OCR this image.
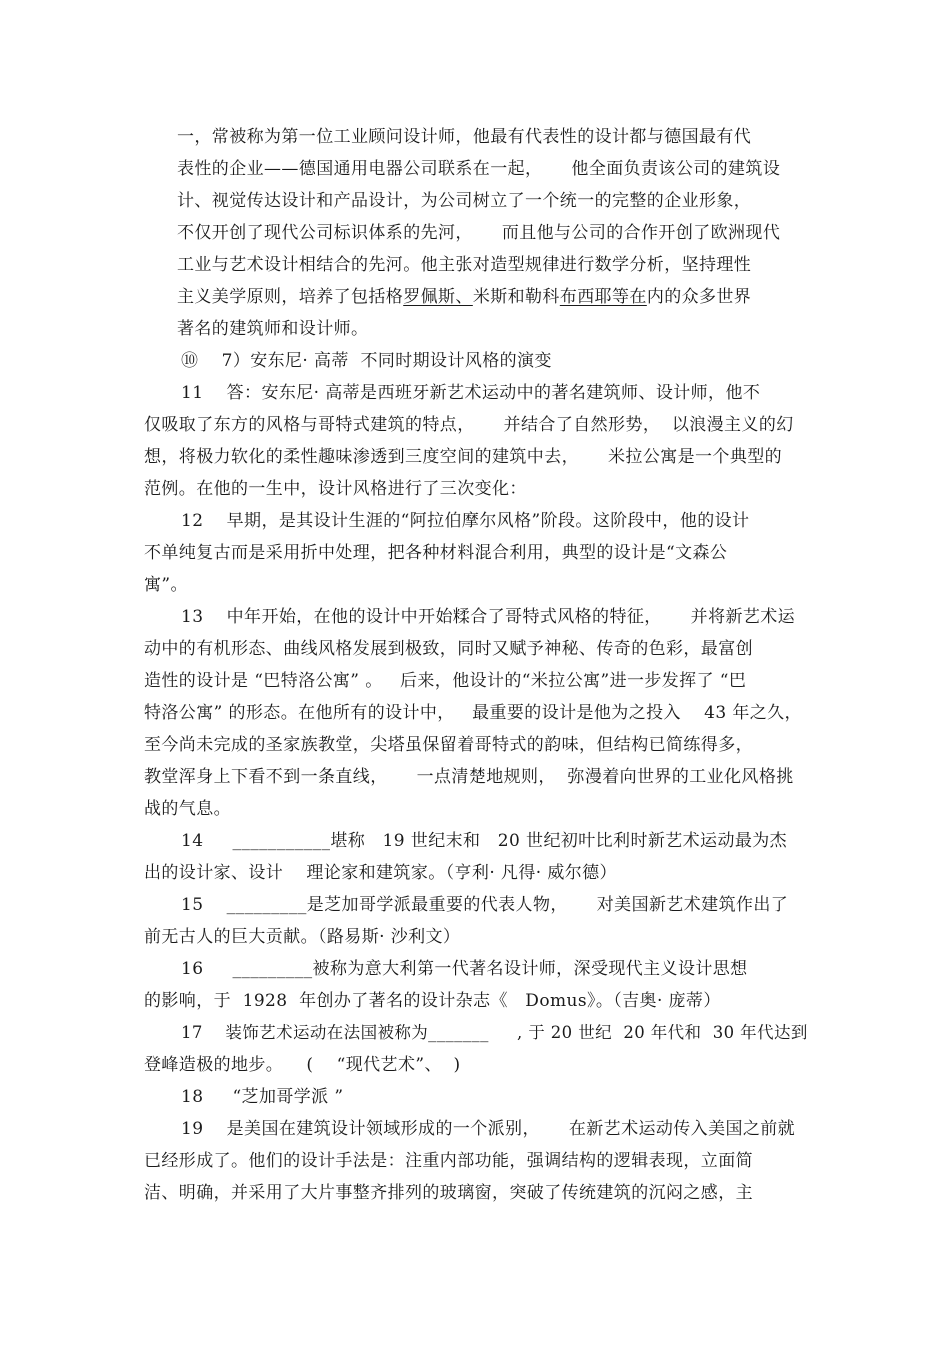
一，常被称为第一位工业顾问设计师，他最有代表性的设计都与德国最有代
表性的企业——德国通用电器公司联系在一起，     他全面负责该公司的建筑设
计、视觉传达设计和产品设计，为公司树立了一个统一的完整的企业形象，
不仅开创了现代公司标识体系的先河，     而且他与公司的合作开创了欧洲现代
工业与艺术设计相结合的先河。他主张对造型规律进行数学分析，坚持理性
主义美学原则，培养了包括格罗佩斯、米斯和勒科布西耶等在内的众多世界
著名的建筑师和设计师。
⑩    7）安东尼· 高蒂  不同时期设计风格的演变
11    答：安东尼· 高蒂是西班牙新艺术运动中的著名建筑师、设计师，他不
仅吸取了东方的风格与哥特式建筑的特点，     并结合了自然形势，  以浪漫主义的幻
想，将极力软化的柔性趣味渗透到三度空间的建筑中去，     米拉公寓是一个典型的
范例。在他的一生中，设计风格进行了三次变化：
12    早期，是其设计生涯的“阿拉伯摩尔风格”阶段。这阶段中，他的设计
不单纯复古而是采用折中处理，把各种材料混合利用，典型的设计是“文森公
寓”。
13    中年开始，在他的设计中开始糅合了哥特式风格的特征，     并将新艺术运
动中的有机形态、曲线风格发展到极致，同时又赋予神秘、传奇的色彩，最富创
造性的设计是 “巴特洛公寓” 。   后来，他设计的“米拉公寓”进一步发挥了 “巴
特洛公寓” 的形态。在他所有的设计中，   最重要的设计是他为之投入    43 年之久，
至今尚未完成的圣家族教堂，尖塔虽保留着哥特式的韵味，但结构已简练得多，
教堂浑身上下看不到一条直线，     一点清楚地规则，  弥漫着向世界的工业化风格挑
战的气息。
14     ___________堪称   19 世纪末和   20 世纪初叶比利时新艺术运动最为杰
出的设计家、设计    理论家和建筑家。（亨利· 凡得· 威尔德）
15    _________是芝加哥学派最重要的代表人物，     对美国新艺术建筑作出了
前无古人的巨大贡献。（路易斯· 沙利文）
16     _________被称为意大利第一代著名设计师，深受现代主义设计思想
的影响，于  1928  年创办了著名的设计杂志《   Domus》。（吉奥· 庞蒂）
17    装饰艺术运动在法国被称为_______     , 于 20 世纪  20 年代和  30 年代达到
登峰造极的地步。    (    “现代艺术”、  )
18     “芝加哥学派 ”
19    是美国在建筑设计领域形成的一个派别，     在新艺术运动传入美国之前就
已经形成了。他们的设计手法是：注重内部功能，强调结构的逻辑表现，立面简
洁、明确，并采用了大片事整齐排列的玻璃窗，突破了传统建筑的沉闷之感，主
